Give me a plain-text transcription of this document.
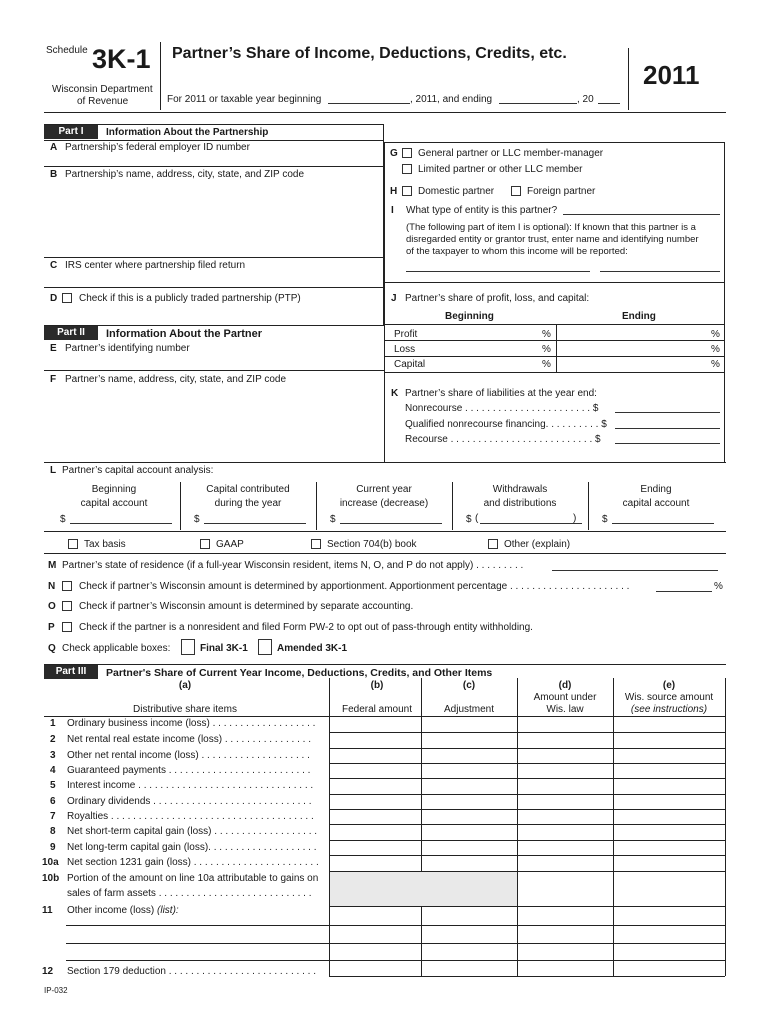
Schedule 3K-1 Partner’s Share of Income, Deductions, Credits, etc.
Wisconsin Department
of Revenue	For 2011 or taxable year beginning	, 2011, and ending	, 20
2011
Part I	Information About the Partnership
A Partnership’s federal employer ID number
B Partnership’s name, address, city, state, and ZIP code
C IRS center where partnership filed return
D Check if this is a publicly traded partnership (PTP)
Part II	Information About the Partner
E Partner’s identifying number
F Partner’s name, address, city, state, and ZIP code
G General partner or LLC member-manager
Limited partner or other LLC member
H Domestic partner	Foreign partner
I What type of entity is this partner?
(The following part of item I is optional): If known that this partner is a
disregarded entity or grantor trust, enter name and identifying number
of the taxpayer to whom this income will be reported:
J Partner’s share of profit, loss, and capital:
Beginning	Ending
Profit	%	%
Loss	%	%
Capital	%	%
K Partner’s share of liabilities at the year end:
Nonrecourse . . . . . . . . . . . . . . . . . . . . . . . $
Qualified nonrecourse financing. . . . . . . . . . $
Recourse . . . . . . . . . . . . . . . . . . . . . . . . . . $
L Partner’s capital account analysis:
Beginning
capital account
Capital contributed
during the year
Current year
increase (decrease)
Withdrawals
and distributions
Ending
capital account
$	$	$	$ (	)	$
Tax basis	GAAP	Section 704(b) book	Other (explain)
M Partner’s state of residence (if a full-year Wisconsin resident, items N, O, and P do not apply) . . . . . . . . .
N Check if partner’s Wisconsin amount is determined by apportionment. Apportionment percentage . . . . . . . . . . . . . . . . . . . . . .	%
O Check if partner’s Wisconsin amount is determined by separate accounting.
P Check if the partner is a nonresident and filed Form PW-2 to opt out of pass-through entity withholding.
Q Check applicable boxes:	Final 3K-1	Amended 3K-1
Part III	Partner's Share of Current Year Income, Deductions, Credits, and Other Items
(a)
Distributive share items
(b)
Federal amount
(c)
Adjustment
(d)
Amount under
Wis. law
(e)
Wis. source amount
(see instructions)
1 Ordinary business income (loss) . . . . . . . . . . . . . . . . . . .
2 Net rental real estate income (loss) . . . . . . . . . . . . . . . .
3 Other net rental income (loss) . . . . . . . . . . . . . . . . . . . .
4 Guaranteed payments . . . . . . . . . . . . . . . . . . . . . . . . . .
5 Interest income . . . . . . . . . . . . . . . . . . . . . . . . . . . . . . . .
6 Ordinary dividends . . . . . . . . . . . . . . . . . . . . . . . . . . . . .
7 Royalties . . . . . . . . . . . . . . . . . . . . . . . . . . . . . . . . . . . . .
8 Net short-term capital gain (loss) . . . . . . . . . . . . . . . . . . .
9 Net long-term capital gain (loss). . . . . . . . . . . . . . . . . . . .
10a Net section 1231 gain (loss) . . . . . . . . . . . . . . . . . . . . . . .
10b Portion of the amount on line 10a attributable to gains on
sales of farm assets . . . . . . . . . . . . . . . . . . . . . . . . . . . .
11 Other income (loss) (list):
12 Section 179 deduction . . . . . . . . . . . . . . . . . . . . . . . . . . .
IP-032
